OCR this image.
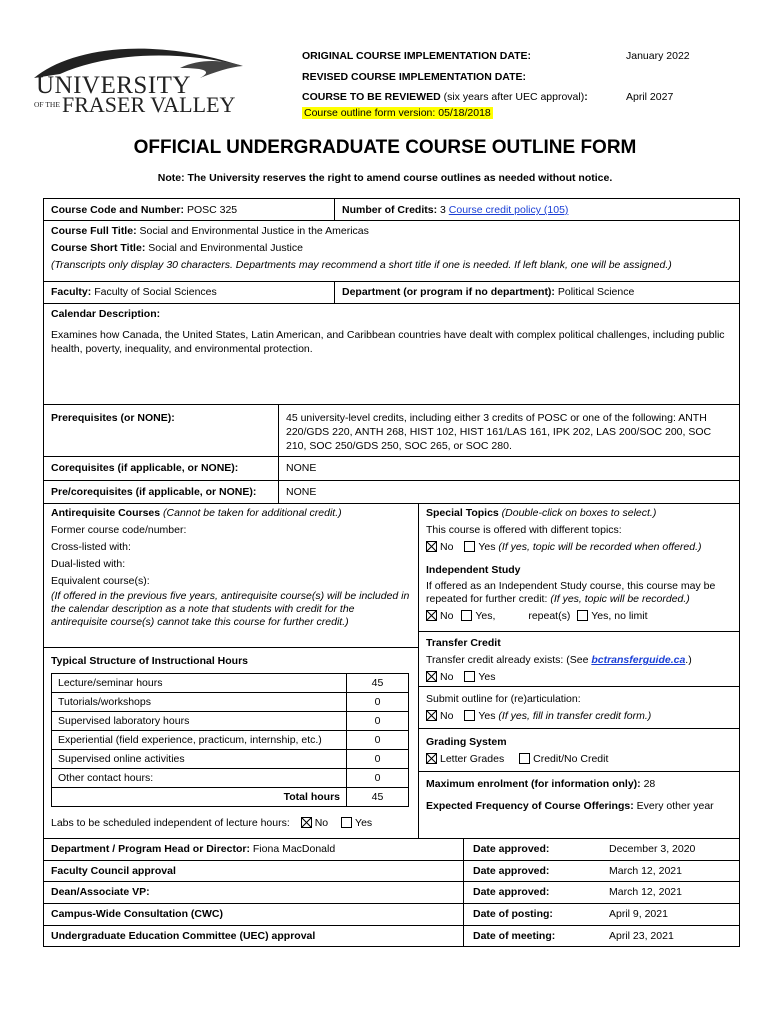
UNIVERSITY
OF THE FRASER VALLEY
ORIGINAL COURSE IMPLEMENTATION DATE:	January 2022
REVISED COURSE IMPLEMENTATION DATE:
COURSE TO BE REVIEWED (six years after UEC approval):	April 2027
Course outline form version: 05/18/2018
OFFICIAL UNDERGRADUATE COURSE OUTLINE FORM
Note: The University reserves the right to amend course outlines as needed without notice.
Course Code and Number: POSC 325	Number of Credits: 3 Course credit policy (105)
Course Full Title: Social and Environmental Justice in the Americas
Course Short Title: Social and Environmental Justice
(Transcripts only display 30 characters. Departments may recommend a short title if one is needed. If left blank, one will be assigned.)
Faculty: Faculty of Social Sciences	Department (or program if no department): Political Science
Calendar Description:
Examines how Canada, the United States, Latin American, and Caribbean countries have dealt with complex political challenges, including public health, poverty, inequality, and environmental protection.
Prerequisites (or NONE):	45 university-level credits, including either 3 credits of POSC or one of the following: ANTH 220/GDS 220, ANTH 268, HIST 102, HIST 161/LAS 161, IPK 202, LAS 200/SOC 200, SOC 210, SOC 250/GDS 250, SOC 265, or SOC 280.
Corequisites (if applicable, or NONE):	NONE
Pre/corequisites (if applicable, or NONE):	NONE
Antirequisite Courses (Cannot be taken for additional credit.)
Former course code/number:
Cross-listed with:
Dual-listed with:
Equivalent course(s):
(If offered in the previous five years, antirequisite course(s) will be included in the calendar description as a note that students with credit for the antirequisite course(s) cannot take this course for further credit.)
Typical Structure of Instructional Hours
Lecture/seminar hours	45
Tutorials/workshops	0
Supervised laboratory hours	0
Experiential (field experience, practicum, internship, etc.)	0
Supervised online activities	0
Other contact hours:	0
Total hours	45
Labs to be scheduled independent of lecture hours: No	Yes
Special Topics (Double-click on boxes to select.)
This course is offered with different topics:
No Yes (If yes, topic will be recorded when offered.)
Independent Study
If offered as an Independent Study course, this course may be repeated for further credit: (If yes, topic will be recorded.)
No Yes,	repeat(s) Yes, no limit
Transfer Credit
Transfer credit already exists: (See bctransferguide.ca.)
No Yes
Submit outline for (re)articulation:
No Yes (If yes, fill in transfer credit form.)
Grading System
Letter Grades	Credit/No Credit
Maximum enrolment (for information only): 28
Expected Frequency of Course Offerings: Every other year
Department / Program Head or Director: Fiona MacDonald	Date approved:	December 3, 2020
Faculty Council approval	Date approved:	March 12, 2021
Dean/Associate VP:	Date approved:	March 12, 2021
Campus-Wide Consultation (CWC)	Date of posting:	April 9, 2021
Undergraduate Education Committee (UEC) approval	Date of meeting:	April 23, 2021
